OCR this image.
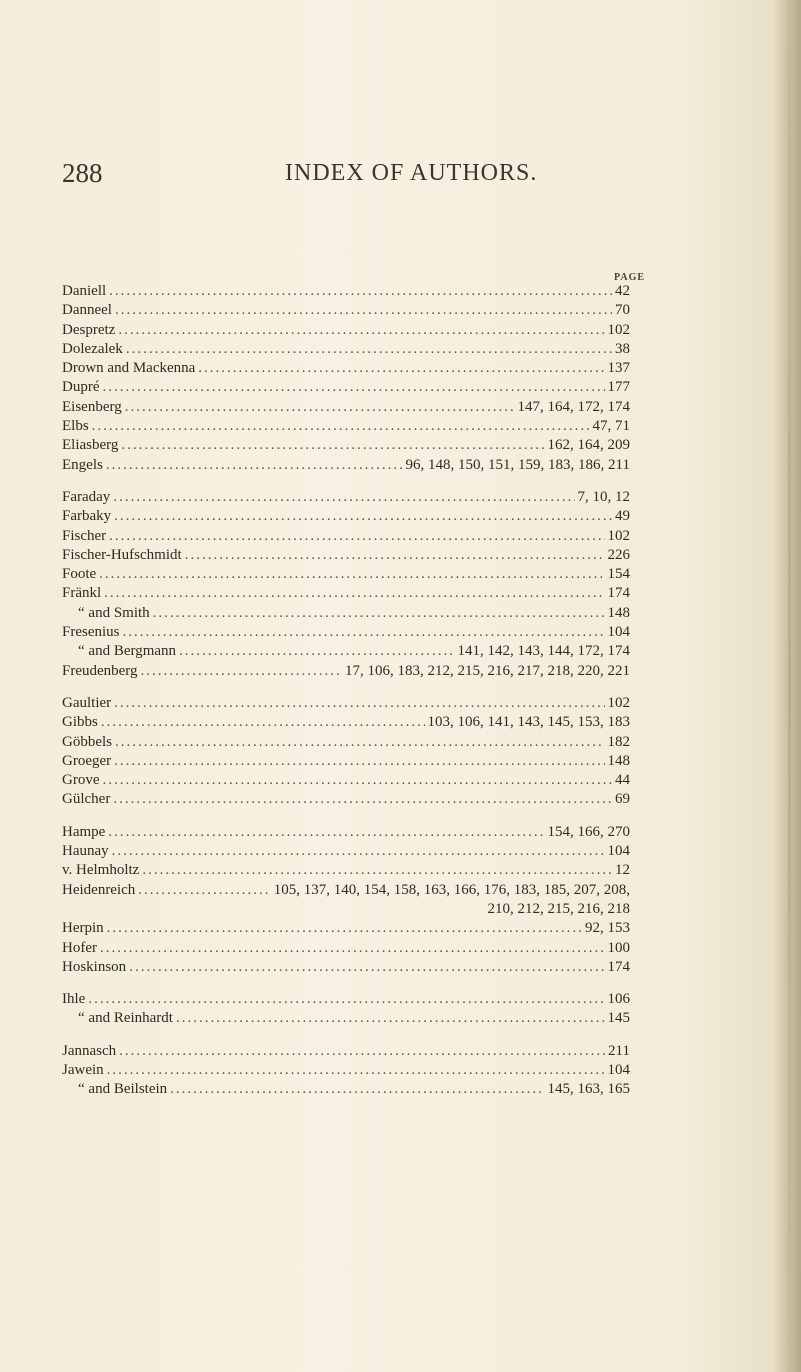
288	INDEX OF AUTHORS.
PAGE
Daniell .....	42
Danneel .....	70
Despretz .....	102
Dolezalek .....	38
Drown and Mackenna .....	137
Dupré .....	177
Eisenberg .....	147, 164, 172, 174
Elbs .....	47, 71
Eliasberg .....	162, 164, 209
Engels .....	96, 148, 150, 151, 159, 183, 186, 211
Faraday .....	7, 10, 12
Farbaky .....	49
Fischer .....	102
Fischer-Hufschmidt .....	226
Foote .....	154
Fränkl .....	174
“ and Smith .....	148
Fresenius .....	104
“ and Bergmann .....	141, 142, 143, 144, 172, 174
Freudenberg .....	17, 106, 183, 212, 215, 216, 217, 218, 220, 221
Gaultier .....	102
Gibbs .....	103, 106, 141, 143, 145, 153, 183
Göbbels .....	182
Groeger .....	148
Grove .....	44
Gülcher .....	69
Hampe .....	154, 166, 270
Haunay .....	104
v. Helmholtz .....	12
Heidenreich .....	105, 137, 140, 154, 158, 163, 166, 176, 183, 185, 207, 208,
210, 212, 215, 216, 218
Herpin .....	92, 153
Hofer .....	100
Hoskinson .....	174
Ihle .....	106
“ and Reinhardt .....	145
Jannasch .....	211
Jawein .....	104
“ and Beilstein .....	145, 163, 165
